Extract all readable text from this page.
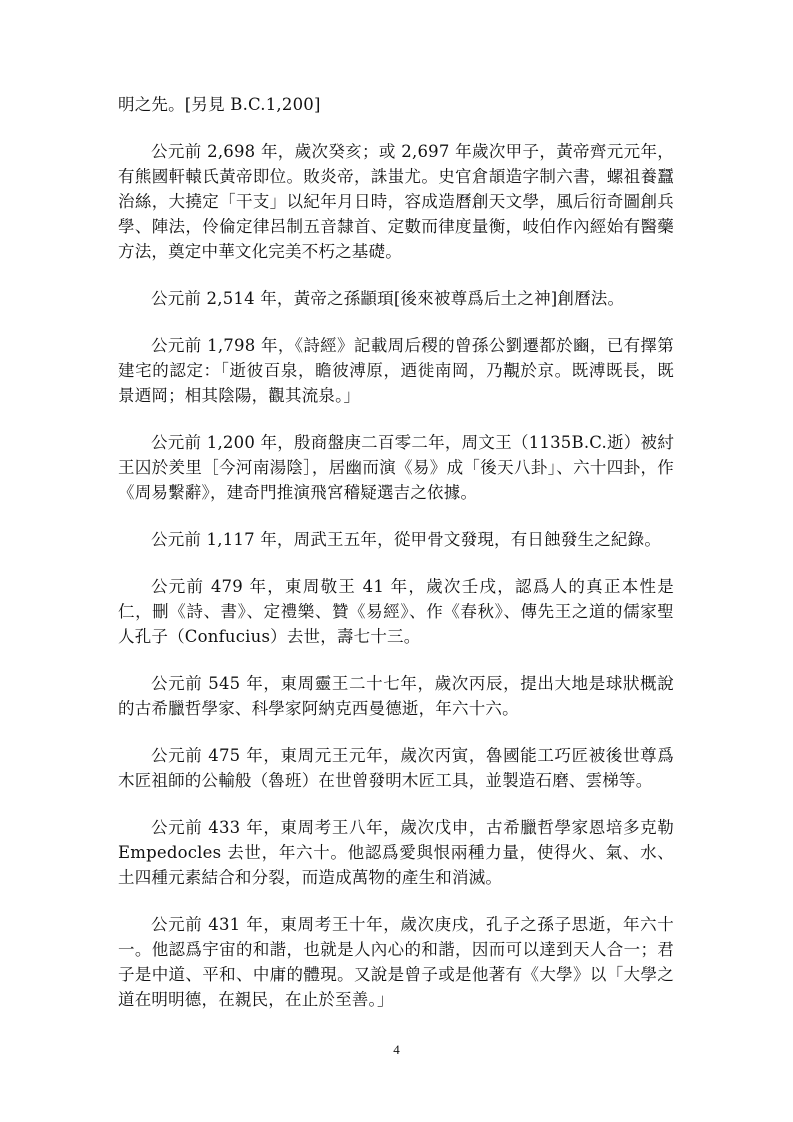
明之先。[另見 B.C.1,200]

公元前 2,698 年，歲次癸亥；或 2,697 年歲次甲子，黃帝齊元元年，有熊國軒轅氏黃帝即位。敗炎帝，誅蚩尤。史官倉頡造字制六書，螺祖養蠶治絲，大撓定「干支」以紀年月日時，容成造曆創天文學，風后衍奇圖創兵學、陣法，伶倫定律呂制五音隸首、定數而律度量衡，岐伯作內經始有醫藥方法，奠定中華文化完美不朽之基礎。

公元前 2,514 年，黃帝之孫顓頊[後來被尊爲后土之神]創曆法。

公元前 1,798 年，《詩經》記載周后稷的曾孫公劉遷都於豳，已有擇第建宅的認定：「逝彼百泉，瞻彼溥原，迺徙南岡，乃覯於京。既溥既長，既景迺岡；相其陰陽，觀其流泉。」

公元前 1,200 年，殷商盤庚二百零二年，周文王（1135B.C.逝）被紂王囚於羑里［今河南湯陰］，居幽而演《易》成「後天八卦」、六十四卦，作《周易繫辭》，建奇門推演飛宮稽疑選吉之依據。

公元前 1,117 年，周武王五年，從甲骨文發現，有日蝕發生之紀錄。

公元前 479 年，東周敬王 41 年，歲次壬戌，認爲人的真正本性是仁，刪《詩、書》、定禮樂、贊《易經》、作《春秋》、傳先王之道的儒家聖人孔子（Confucius）去世，壽七十三。

公元前 545 年，東周靈王二十七年，歲次丙辰，提出大地是球狀概說的古希臘哲學家、科學家阿納克西曼德逝，年六十六。

公元前 475 年，東周元王元年，歲次丙寅，魯國能工巧匠被後世尊爲木匠祖師的公輸般（魯班）在世曾發明木匠工具，並製造石磨、雲梯等。

公元前 433 年，東周考王八年，歲次戊申，古希臘哲學家恩培多克勒 Empedocles 去世，年六十。他認爲愛與恨兩種力量，使得火、氣、水、土四種元素結合和分裂，而造成萬物的產生和消滅。

公元前 431 年，東周考王十年，歲次庚戌，孔子之孫子思逝，年六十一。他認爲宇宙的和諧，也就是人內心的和諧，因而可以達到天人合一；君子是中道、平和、中庸的體現。又說是曾子或是他著有《大學》以「大學之道在明明德，在親民，在止於至善。」

4
